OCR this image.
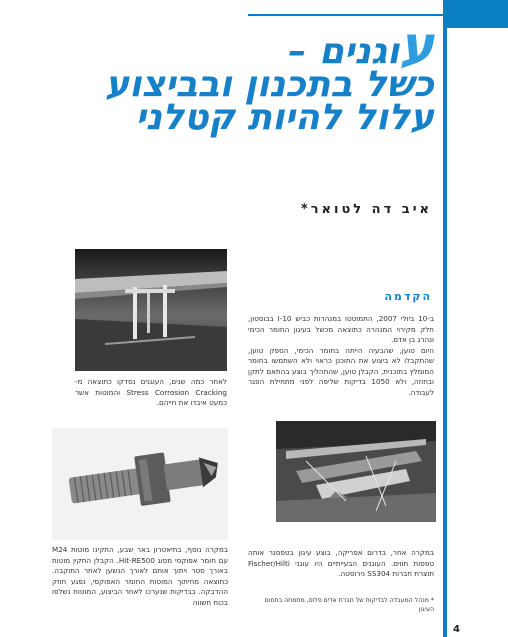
עוגנים –
כשל בתכנון ובביצוע
עלול להיות קטלני
איב דה לטואר*
הקדמה
ב-10 ביולי 2007, התמוטטו במנהרות כביש I-10 בבוסטון, חלק מקירוי המנהרה כתוצאה מכשל בעיגון החומר הכימי ונהרג בן אדם.
היום טוען, שהבעיה הייתה בחומר הכימי, הספק טוען, שהתקבלו לא ביצוע את התוכנן כראוי ולא השתמשו בחומר המומלץ בתוכנית, הקבלן טוען, שהתהליך בוצע בהתאם לתקן ובחוזה, ולא 1050 בדיקות שליפה לפני מתחילת הפגר לעבודה.
לאחר כמה שנים, העוגנים נסדקו כתוצאה מ-Stress Corrosion Cracking והמוטות אשר כמעט איבדו את חייהם.
במקרה נוסף, בתיאטרון באר שבע, התקינו מוטות M24 עם חומר אפוקסי מסוג Hit-RE500. הקבלן התקין מוטות באורך סטר ויתוך אותם לאורך הנשען לאחר התוקבה. כתוצאה מחיתוך המוטות החומר האפוקסי, נפגע חוזק ההדבקה. בבדיקות שנערכו לאחר הביצוע, המוטות נשלפו בכוח חשווה
במקרה אחר, בדרום אפריקה, בוצע עיגון בטפסנר אותה טפסות תווים. העוגנים הבעייתיים היו עוגני Fischer/Hilti תוצרת חברות SS304 נירוסטה.
* מנהל המעבדה לבדיקות של חברת אדים פלוס, מתמחה בתחום העיגון
4
